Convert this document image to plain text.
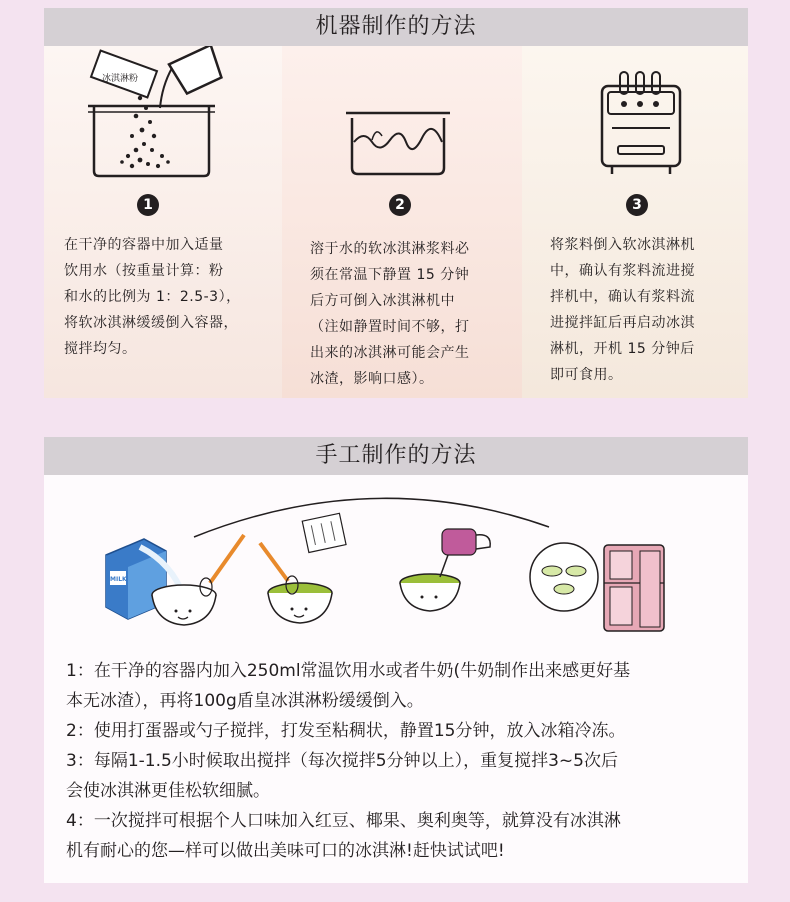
机器制作的方法
冰淇淋粉
1
在干净的容器中加入适量
饮用水（按重量计算：粉
和水的比例为 1：2.5-3），
将软冰淇淋缓缓倒入容器，
搅拌均匀。
2
溶于水的软冰淇淋浆料必
须在常温下静置 15 分钟
后方可倒入冰淇淋机中
（注如静置时间不够，打
出来的冰淇淋可能会产生
冰渣，影响口感）。
3
将浆料倒入软冰淇淋机
中，确认有浆料流进搅
拌机中，确认有浆料流
进搅拌缸后再启动冰淇
淋机，开机 15 分钟后
即可食用。
手工制作的方法
MILK
1：在干净的容器内加入250ml常温饮用水或者牛奶(牛奶制作出来感更好基
本无冰渣），再将100g盾皇冰淇淋粉缓缓倒入。
2：使用打蛋器或勺子搅拌，打发至粘稠状，静置15分钟，放入冰箱冷冻。
3：每隔1-1.5小时候取出搅拌（每次搅拌5分钟以上），重复搅拌3~5次后
会使冰淇淋更佳松软细腻。
4：一次搅拌可根据个人口味加入红豆、椰果、奥利奥等，就算没有冰淇淋
机有耐心的您—样可以做出美味可口的冰淇淋!赶快试试吧!
